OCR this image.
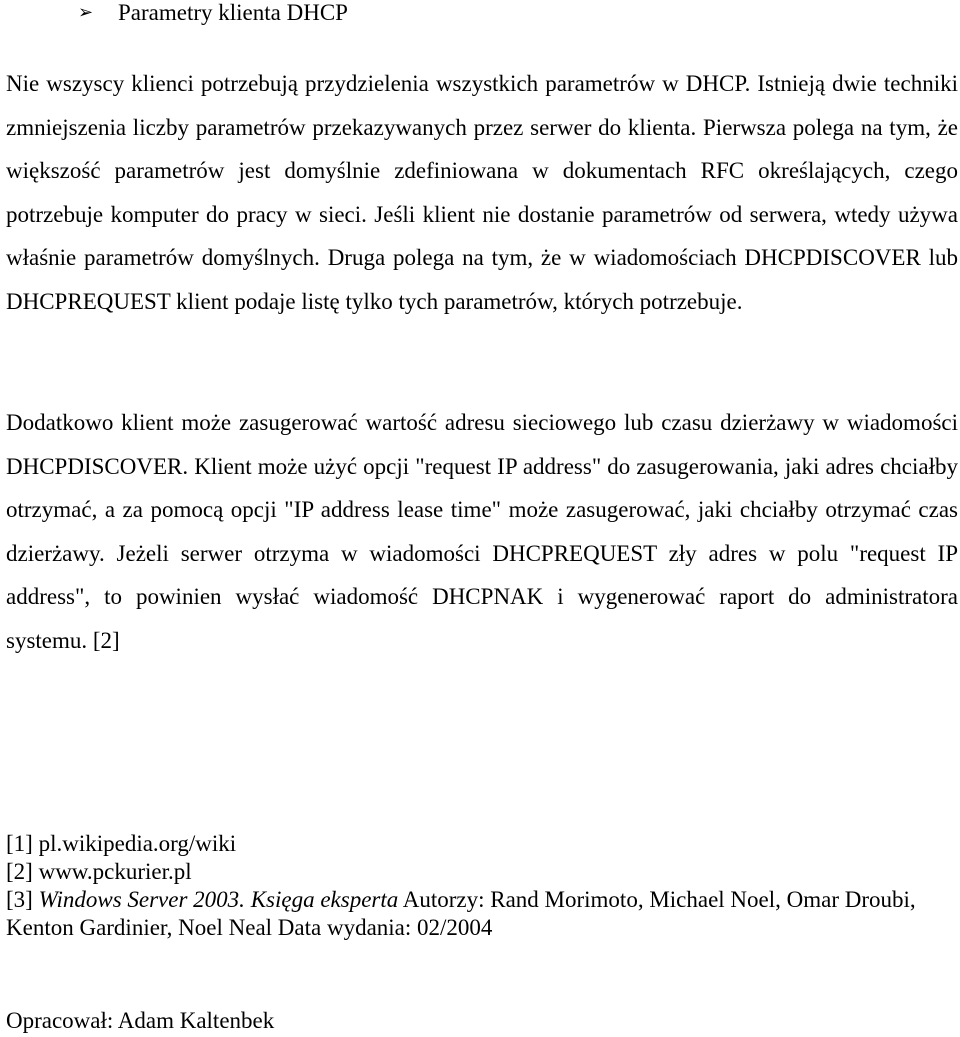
➢ Parametry klienta DHCP
Nie wszyscy klienci potrzebują przydzielenia wszystkich parametrów w DHCP. Istnieją dwie techniki zmniejszenia liczby parametrów przekazywanych przez serwer do klienta. Pierwsza polega na tym, że większość parametrów jest domyślnie zdefiniowana w dokumentach RFC określających, czego potrzebuje komputer do pracy w sieci. Jeśli klient nie dostanie parametrów od serwera, wtedy używa właśnie parametrów domyślnych. Druga polega na tym, że w wiadomościach DHCPDISCOVER lub DHCPREQUEST klient podaje listę tylko tych parametrów, których potrzebuje.
Dodatkowo klient może zasugerować wartość adresu sieciowego lub czasu dzierżawy w wiadomości DHCPDISCOVER. Klient może użyć opcji "request IP address" do zasugerowania, jaki adres chciałby otrzymać, a za pomocą opcji "IP address lease time" może zasugerować, jaki chciałby otrzymać czas dzierżawy. Jeżeli serwer otrzyma w wiadomości DHCPREQUEST zły adres w polu "request IP address", to powinien wysłać wiadomość DHCPNAK i wygenerować raport do administratora systemu. [2]
[1] pl.wikipedia.org/wiki
[2] www.pckurier.pl
[3] Windows Server 2003. Księga eksperta Autorzy: Rand Morimoto, Michael Noel, Omar Droubi, Kenton Gardinier, Noel Neal Data wydania: 02/2004
Opracował: Adam Kaltenbek
